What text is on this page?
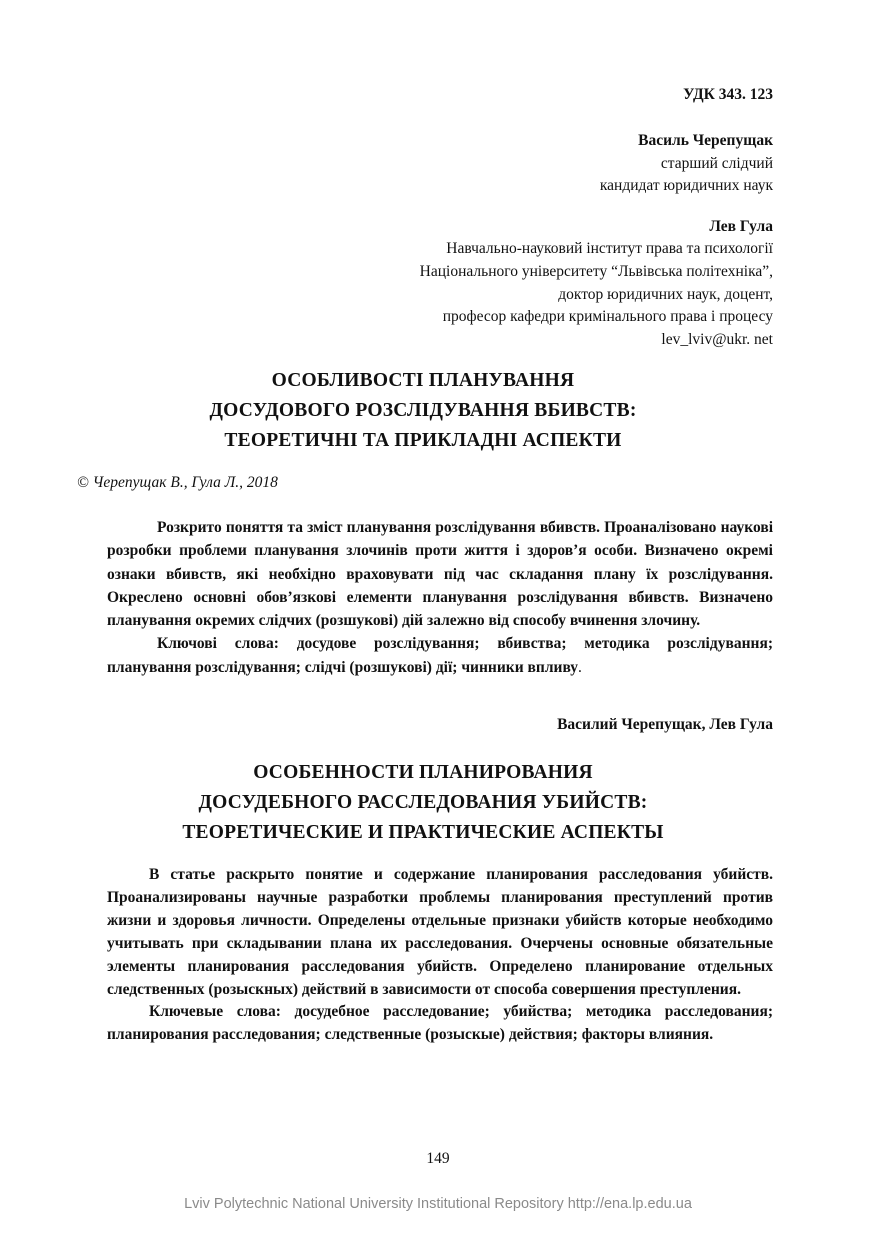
УДК 343. 123
Василь Черепущак
старший слідчий
кандидат юридичних наук
Лев Гула
Навчально-науковий інститут права та психології
Національного університету “Львівська політехніка”,
доктор юридичних наук, доцент,
професор кафедри кримінального права і процесу
lev_lviv@ukr. net
ОСОБЛИВОСТІ ПЛАНУВАННЯ
ДОСУДОВОГО РОЗСЛІДУВАННЯ ВБИВСТВ:
ТЕОРЕТИЧНІ ТА ПРИКЛАДНІ АСПЕКТИ
© Черепущак В., Гула Л., 2018

Розкрито поняття та зміст планування розслідування вбивств. Проаналізовано наукові розробки проблеми планування злочинів проти життя і здоров’я особи. Визначено окремі ознаки вбивств, які необхідно враховувати під час складання плану їх розслідування. Окреслено основні обов’язкові елементи планування розслідування вбивств. Визначено планування окремих слідчих (розшукові) дій залежно від способу вчинення злочину.

Ключові слова: досудове розслідування; вбивства; методика розслідування; планування розслідування; слідчі (розшукові) дії; чинники впливу.

Василий Черепущак, Лев Гула
ОСОБЕННОСТИ ПЛАНИРОВАНИЯ
ДОСУДЕБНОГО РАССЛЕДОВАНИЯ УБИЙСТВ:
ТЕОРЕТИЧЕСКИЕ И ПРАКТИЧЕСКИЕ АСПЕКТЫ

В статье раскрыто понятие и содержание планирования расследования убийств. Проанализированы научные разработки проблемы планирования преступлений против жизни и здоровья личности. Определены отдельные признаки убийств которые необходимо учитывать при складывании плана их расследования. Очерчены основные обязательные элементы планирования расследования убийств. Определено планирование отдельных следственных (розыскных) действий в зависимости от способа совершения преступления.

Ключевые слова: досудебное расследование; убийства; методика расследования; планирования расследования; следственные (розыскые) действия; факторы влияния.

149
Lviv Polytechnic National University Institutional Repository http://ena.lp.edu.ua
